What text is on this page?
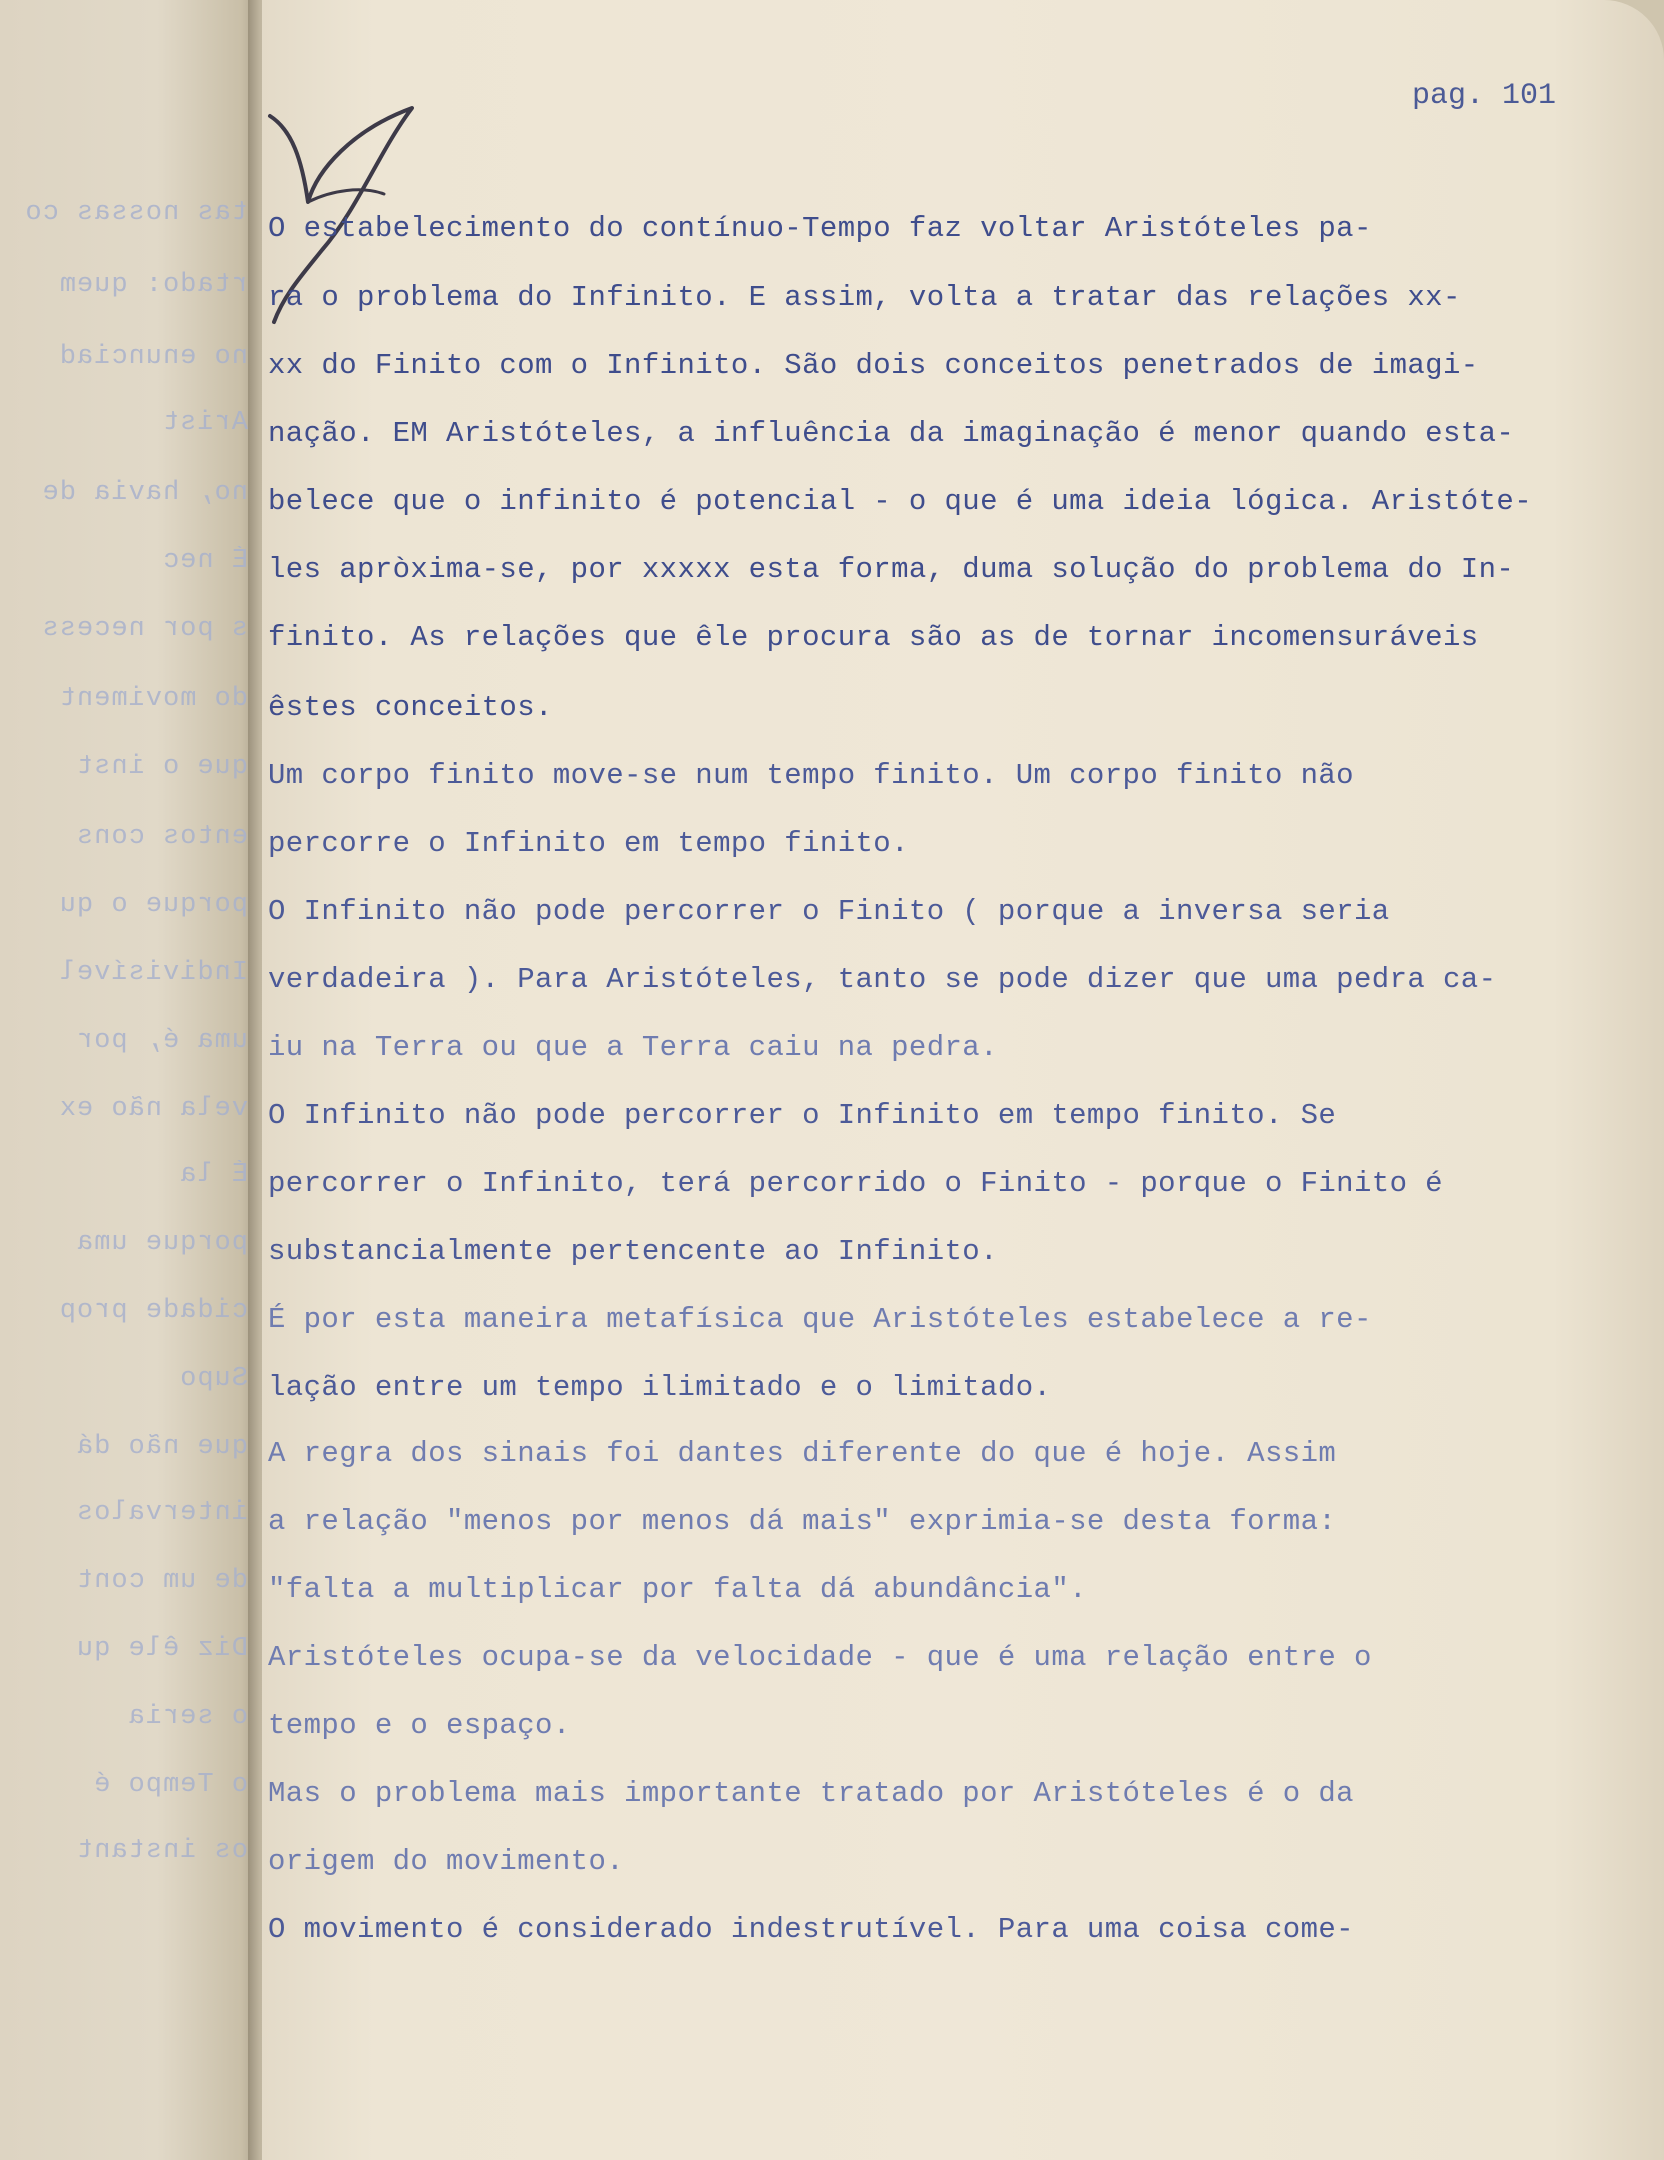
tas nossas co
rtado: quem
no enunciad
Arist
no, havia de
É nec
s por necess
do moviment
que o inst
entos cons
porque o qu
Indivisível
uma é, por
vela não ex
É la
porque uma
cidade prop
Supo
que não dá
intervalos
de um cont
Diz êle qu
o seria
o Tempo é
os instant
pag. 101
O estabelecimento do contínuo-Tempo faz voltar Aristóteles pa-
ra o problema do Infinito. E assim, volta a tratar das relações xx-
xx do Finito com o Infinito. São dois conceitos penetrados de imagi-
nação. EM Aristóteles, a influência da imaginação é menor quando esta-
belece que o infinito é potencial - o que é uma ideia lógica. Aristóte-
les apròxima-se, por xxxxx esta forma, duma solução do problema do In-
finito. As relações que êle procura são as de tornar incomensuráveis
êstes conceitos.
Um corpo finito move-se num tempo finito. Um corpo finito não
percorre o Infinito em tempo finito.
O Infinito não pode percorrer o Finito ( porque a inversa seria
verdadeira ). Para Aristóteles, tanto se pode dizer que uma pedra ca-
iu na Terra ou que a Terra caiu na pedra.
O Infinito não pode percorrer o Infinito em tempo finito. Se
percorrer o Infinito, terá percorrido o Finito - porque o Finito é
substancialmente pertencente ao Infinito.
É por esta maneira metafísica que Aristóteles estabelece a re-
lação entre um tempo ilimitado e o limitado.
A regra dos sinais foi dantes diferente do que é hoje. Assim
a relação "menos por menos dá mais" exprimia-se desta forma:
"falta a multiplicar por falta dá abundância".
Aristóteles ocupa-se da velocidade - que é uma relação entre o
tempo e o espaço.
Mas o problema mais importante tratado por Aristóteles é o da
origem do movimento.
O movimento é considerado indestrutível. Para uma coisa come-
